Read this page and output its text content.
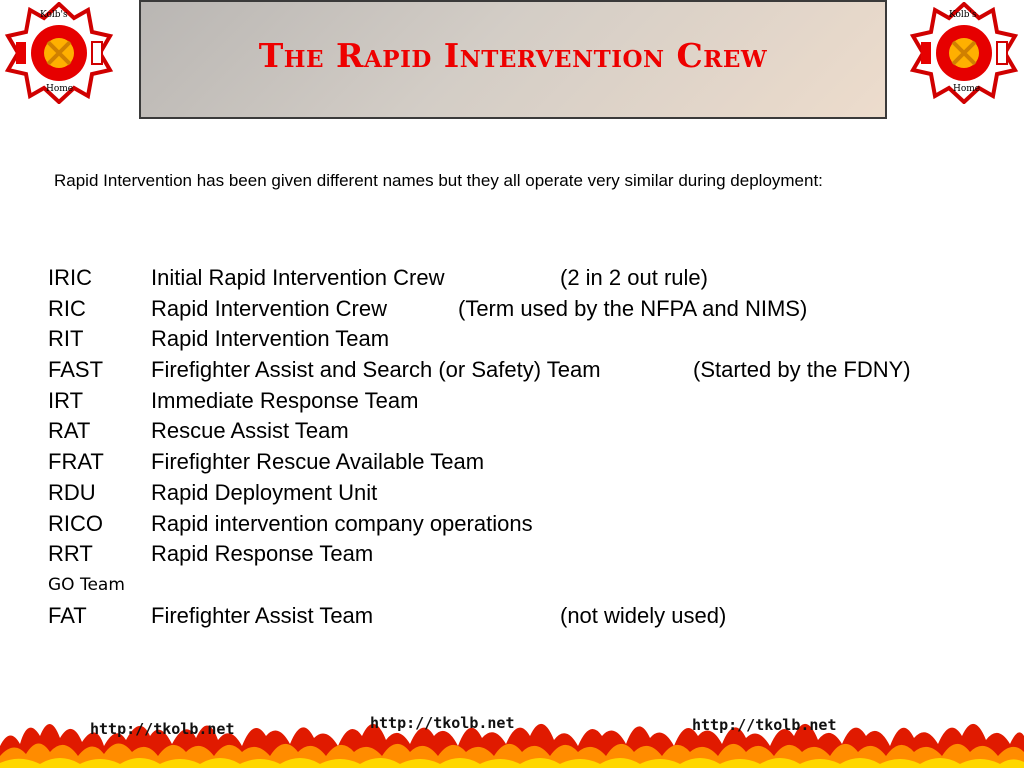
Kolb's
Home
The Rapid Intervention Crew
Kolb's
Home
Rapid Intervention has been given different names but they all operate very similar during deployment:
IRIC	Initial Rapid Intervention Crew	(2 in 2 out rule)
RIC	Rapid Intervention Crew	(Term used by the NFPA and NIMS)
RIT	Rapid Intervention Team
FAST Firefighter Assist and Search (or Safety) Team	(Started by the FDNY)
IRT	Immediate Response Team
RAT	Rescue Assist Team
FRAT Firefighter Rescue Available Team
RDU	Rapid Deployment Unit
RICO Rapid intervention company operations
RRT	Rapid Response Team
GO Team
FAT	Firefighter Assist Team	(not widely used)
http://tkolb.net	http://tkolb.net	http://tkolb.net
